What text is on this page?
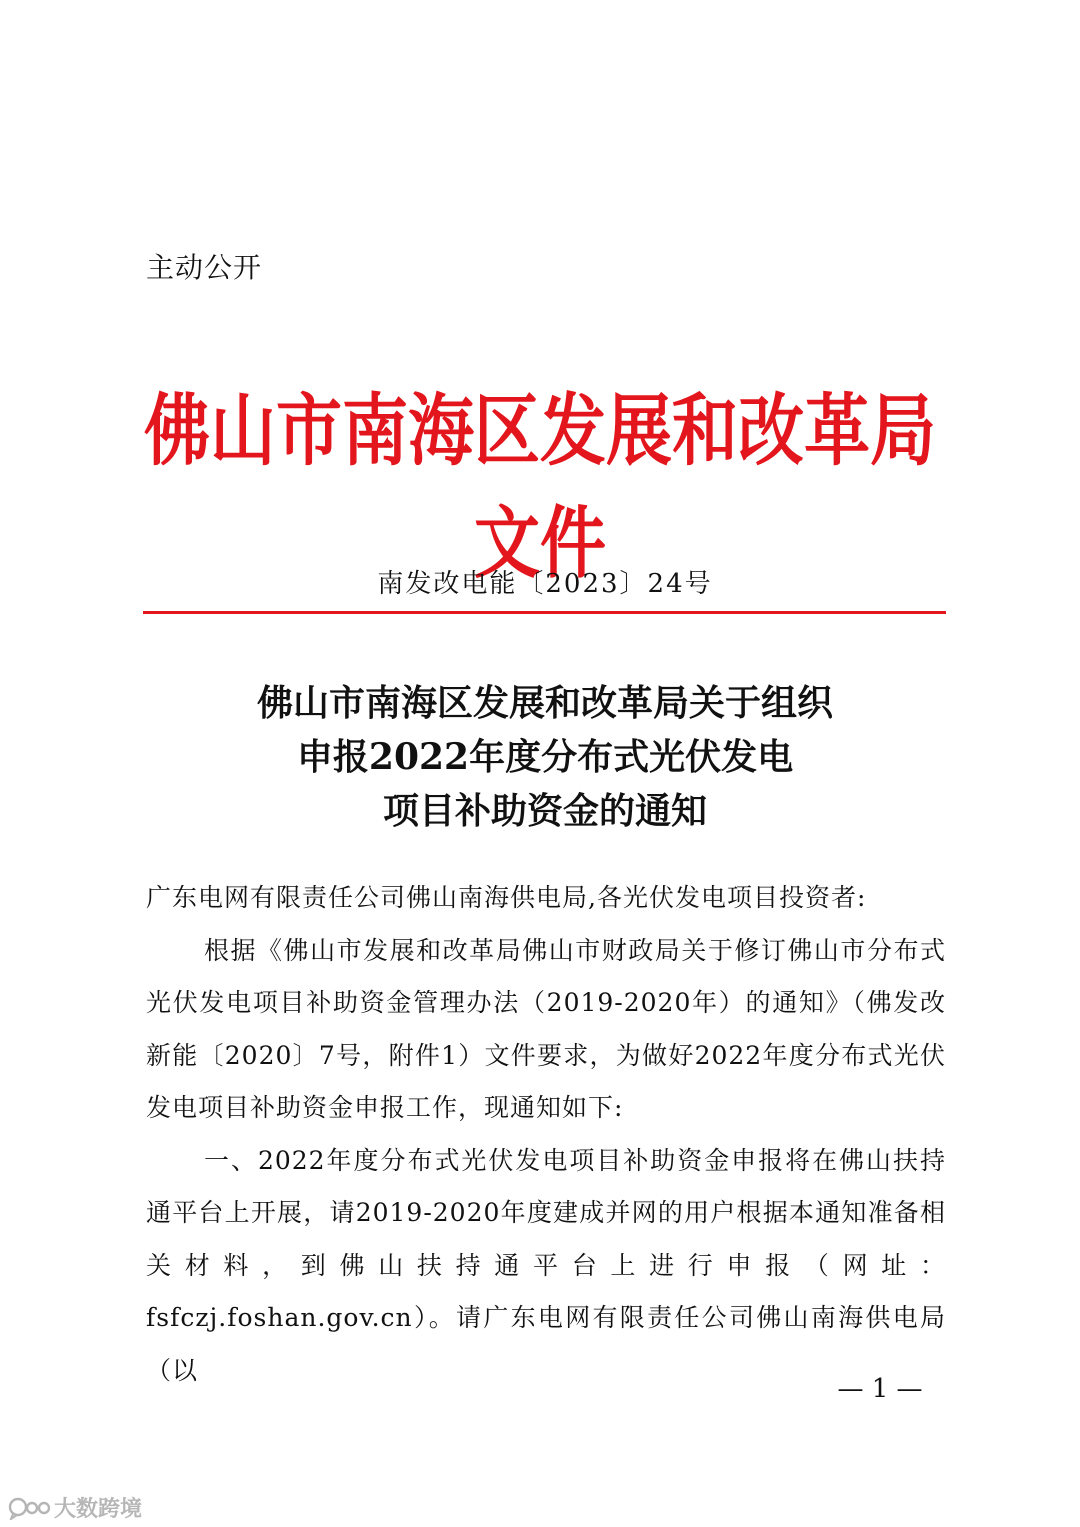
主动公开
佛山市南海区发展和改革局文件
南发改电能〔2023〕24号
佛山市南海区发展和改革局关于组织
申报2022年度分布式光伏发电
项目补助资金的通知

广东电网有限责任公司佛山南海供电局,各光伏发电项目投资者:

根据《佛山市发展和改革局佛山市财政局关于修订佛山市分布式光伏发电项目补助资金管理办法（2019-2020年）的通知》（佛发改新能〔2020〕7号，附件1）文件要求，为做好2022年度分布式光伏发电项目补助资金申报工作，现通知如下:

一、2022年度分布式光伏发电项目补助资金申报将在佛山扶持通平台上开展，请2019-2020年度建成并网的用户根据本通知准备相关材料，到佛山扶持通平台上进行申报（网址：fsfczj.foshan.gov.cn）。请广东电网有限责任公司佛山南海供电局（以

— 1 —
大数跨境
